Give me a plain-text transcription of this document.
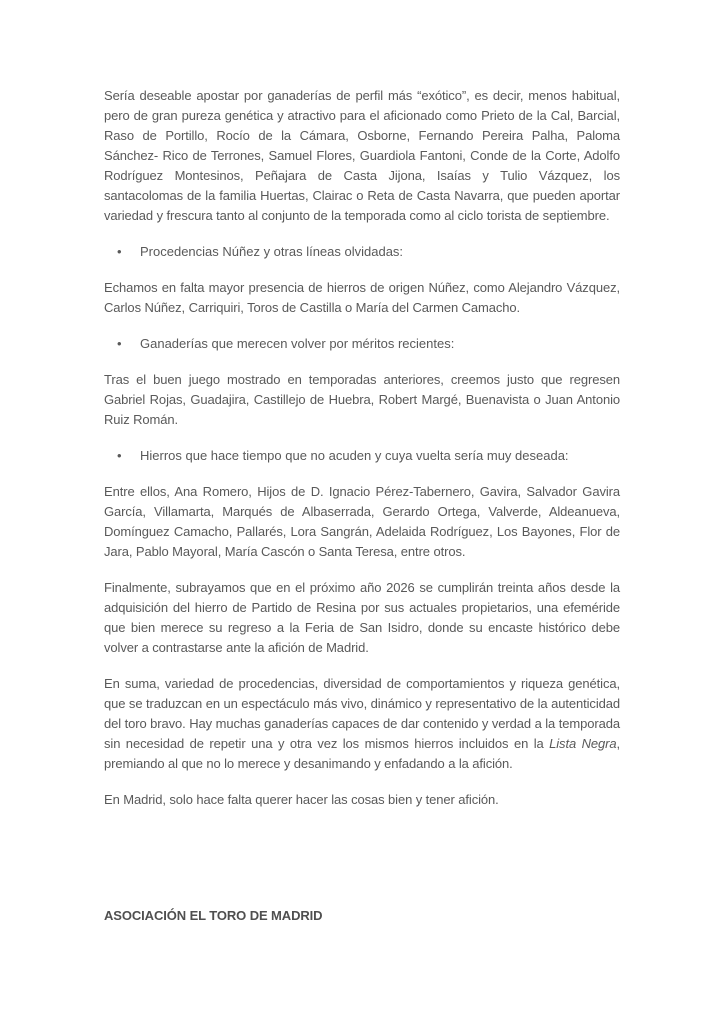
Sería deseable apostar por ganaderías de perfil más “exótico”, es decir, menos habitual, pero de gran pureza genética y atractivo para el aficionado como Prieto de la Cal, Barcial, Raso de Portillo, Rocío de la Cámara, Osborne, Fernando Pereira Palha, Paloma Sánchez- Rico de Terrones, Samuel Flores, Guardiola Fantoni, Conde de la Corte, Adolfo Rodríguez Montesinos, Peñajara de Casta Jijona, Isaías y Tulio Vázquez, los santacolomas de la familia Huertas, Clairac o Reta de Casta Navarra, que pueden aportar variedad y frescura tanto al conjunto de la temporada como al ciclo torista de septiembre.

• Procedencias Núñez y otras líneas olvidadas:

Echamos en falta mayor presencia de hierros de origen Núñez, como Alejandro Vázquez, Carlos Núñez, Carriquiri, Toros de Castilla o María del Carmen Camacho.

• Ganaderías que merecen volver por méritos recientes:

Tras el buen juego mostrado en temporadas anteriores, creemos justo que regresen Gabriel Rojas, Guadajira, Castillejo de Huebra, Robert Margé, Buenavista o Juan Antonio Ruiz Román.

• Hierros que hace tiempo que no acuden y cuya vuelta sería muy deseada:

Entre ellos, Ana Romero, Hijos de D. Ignacio Pérez-Tabernero, Gavira, Salvador Gavira García, Villamarta, Marqués de Albaserrada, Gerardo Ortega, Valverde, Aldeanueva, Domínguez Camacho, Pallarés, Lora Sangrán, Adelaida Rodríguez, Los Bayones, Flor de Jara, Pablo Mayoral, María Cascón o Santa Teresa, entre otros.

Finalmente, subrayamos que en el próximo año 2026 se cumplirán treinta años desde la adquisición del hierro de Partido de Resina por sus actuales propietarios, una efeméride que bien merece su regreso a la Feria de San Isidro, donde su encaste histórico debe volver a contrastarse ante la afición de Madrid.

En suma, variedad de procedencias, diversidad de comportamientos y riqueza genética, que se traduzcan en un espectáculo más vivo, dinámico y representativo de la autenticidad del toro bravo. Hay muchas ganaderías capaces de dar contenido y verdad a la temporada sin necesidad de repetir una y otra vez los mismos hierros incluidos en la Lista Negra, premiando al que no lo merece y desanimando y enfadando a la afición.

En Madrid, solo hace falta querer hacer las cosas bien y tener afición.

ASOCIACIÓN EL TORO DE MADRID
